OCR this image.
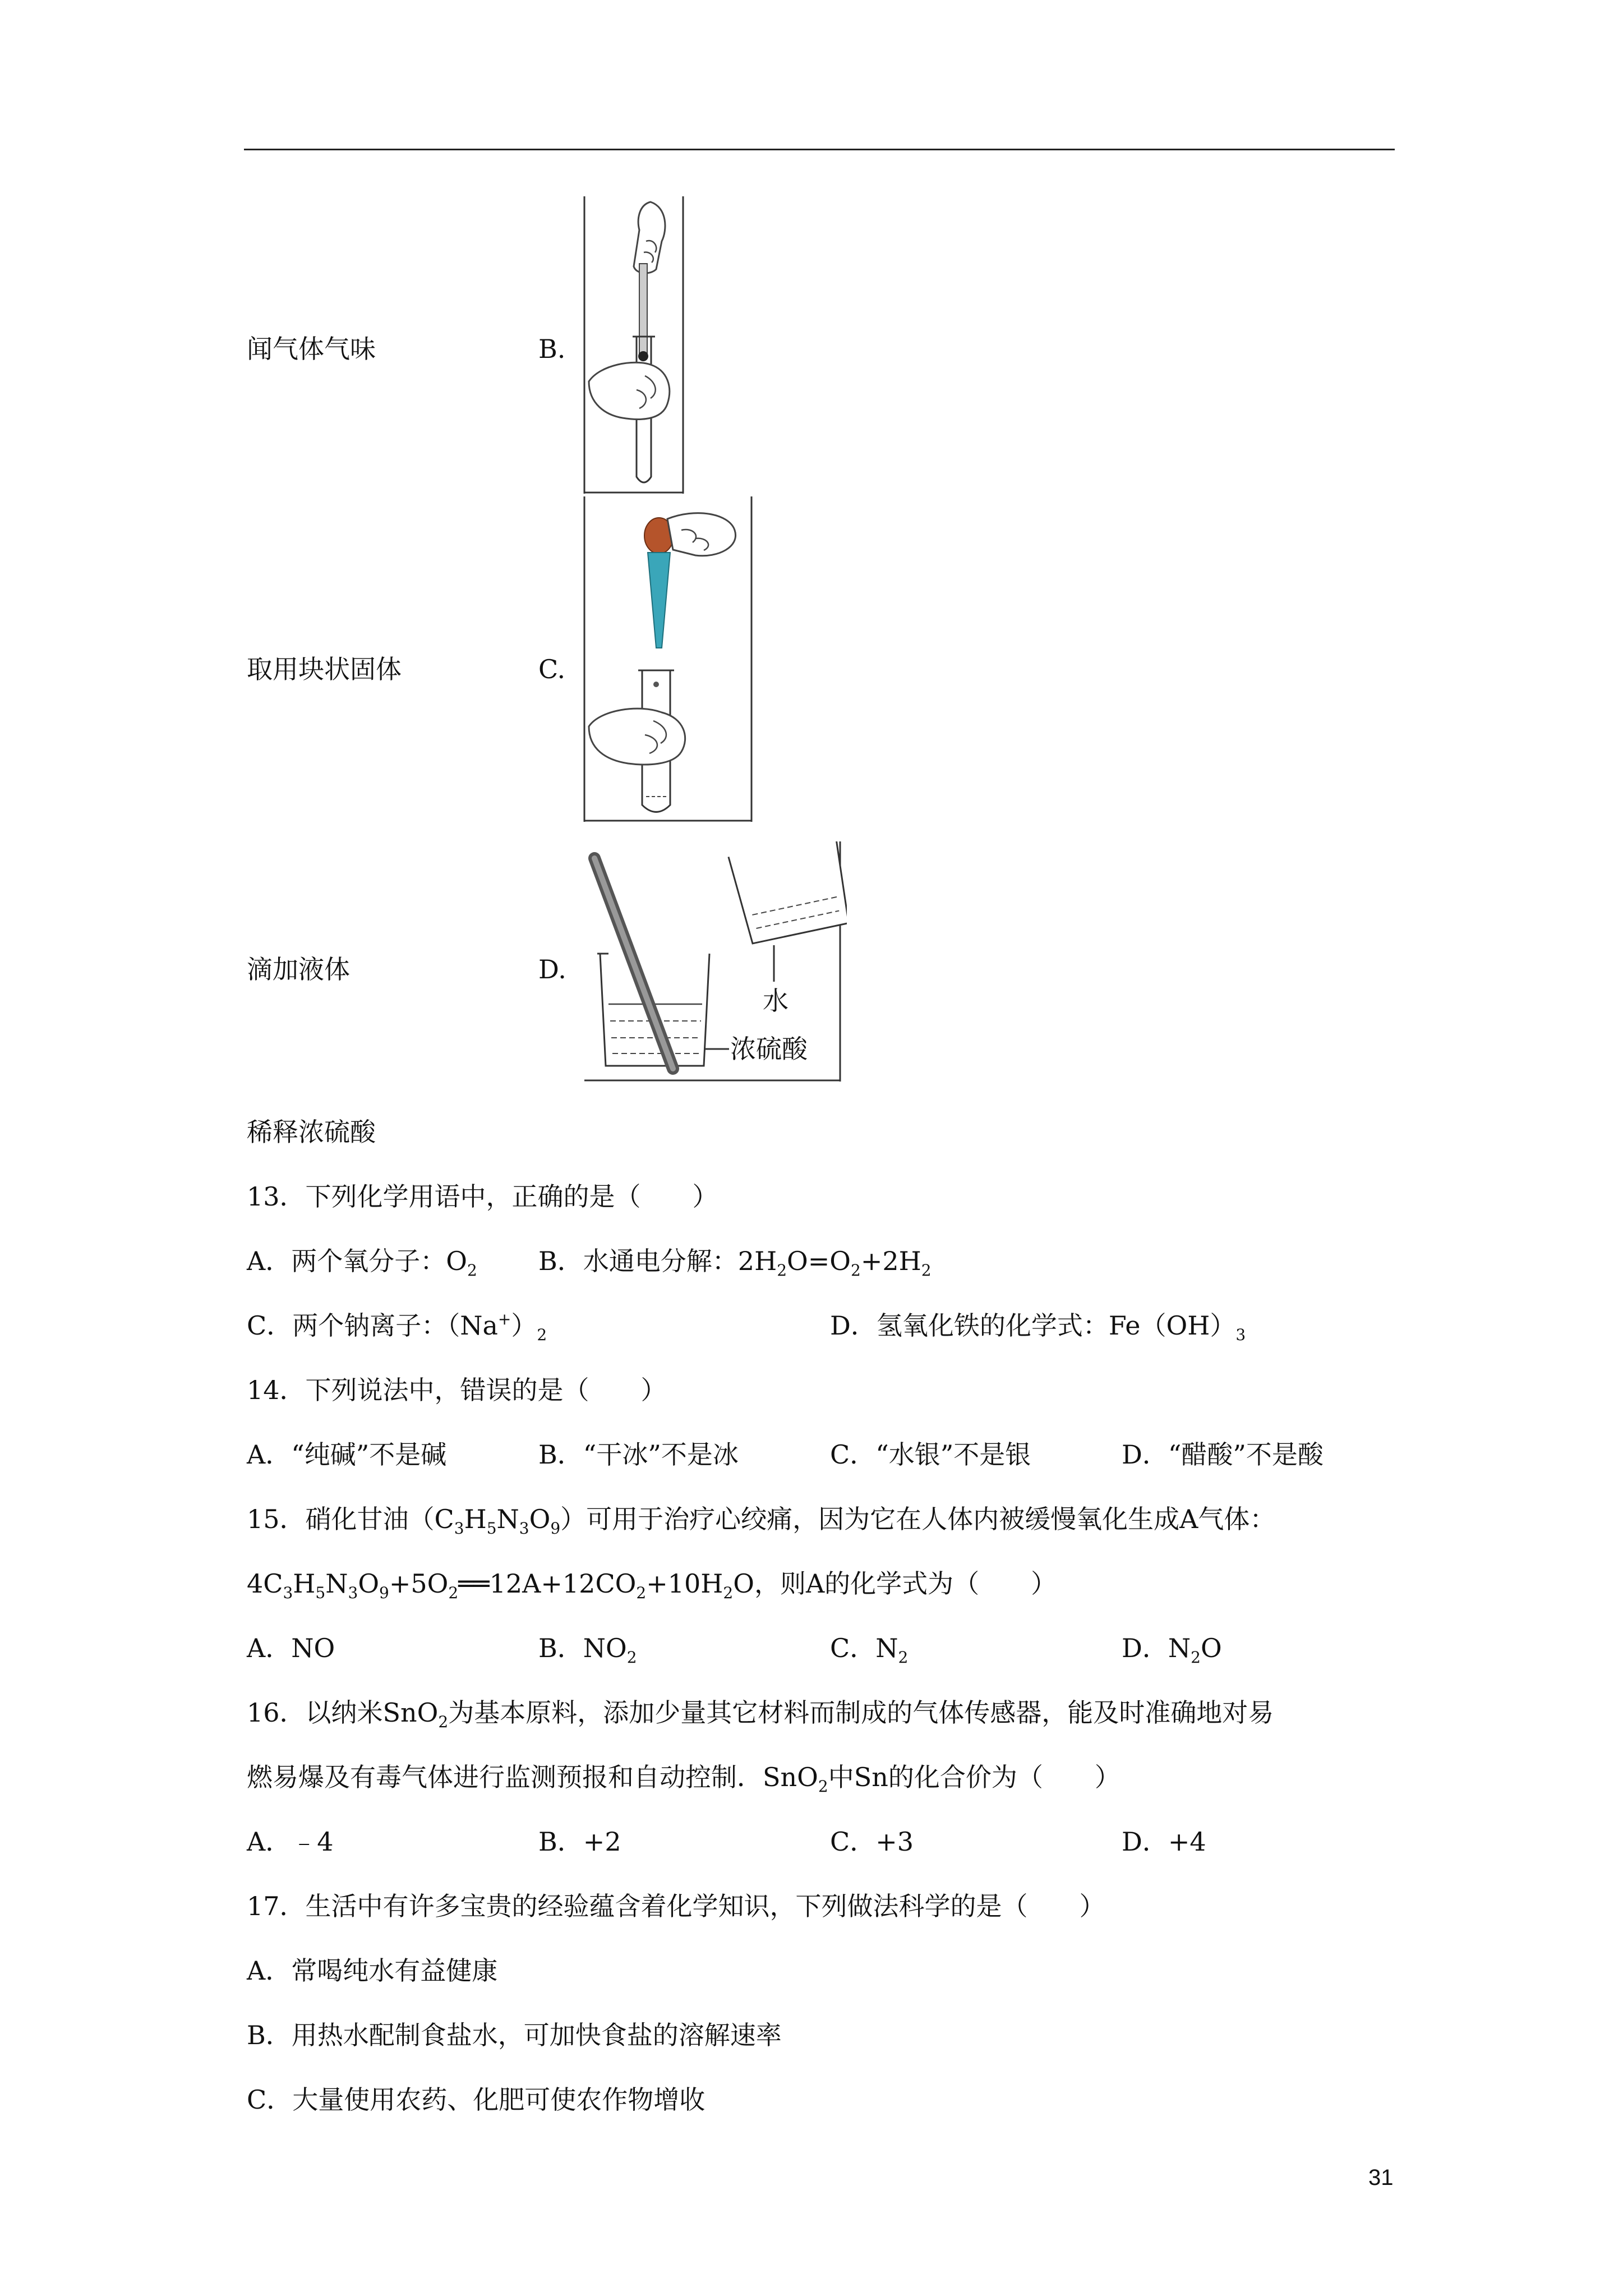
闻气体气味	B.
取用块状固体	C.
滴加液体	D.
水
浓硫酸
稀释浓硫酸
13．下列化学用语中，正确的是（　　）
A．两个氧分子：$O_2$ B．水通电分解：$2H_2O=O_2+2H_2$
C．两个钠离子：$(Na^+)_2$	D．氢氧化铁的化学式：$Fe(OH)_3$
14．下列说法中，错误的是（　　）
A．“纯碱”不是碱	B．“干冰”不是冰	C．“水银”不是银	D．“醋酸”不是酸
15．硝化甘油$(C_3H_5N_3O_9)$可用于治疗心绞痛，因为它在人体内被缓慢氧化生成A气体：
$4C_3H_5N_3O_9+5O_2══12A+12CO_2+10H_2O$，则A的化学式为（　　）
A．NO	B．$NO_2$	C．$N_2$	D．$N_2O$
16．以纳米SnO$_2$为基本原料，添加少量其它材料而制成的气体传感器，能及时准确地对易
燃易爆及有毒气体进行监测预报和自动控制．SnO$_2$中Sn的化合价为（　　）
A．﹣4	B．+2	C．+3	D．+4
17．生活中有许多宝贵的经验蕴含着化学知识，下列做法科学的是（　　）
A．常喝纯水有益健康
B．用热水配制食盐水，可加快食盐的溶解速率
C．大量使用农药、化肥可使农作物增收
31
